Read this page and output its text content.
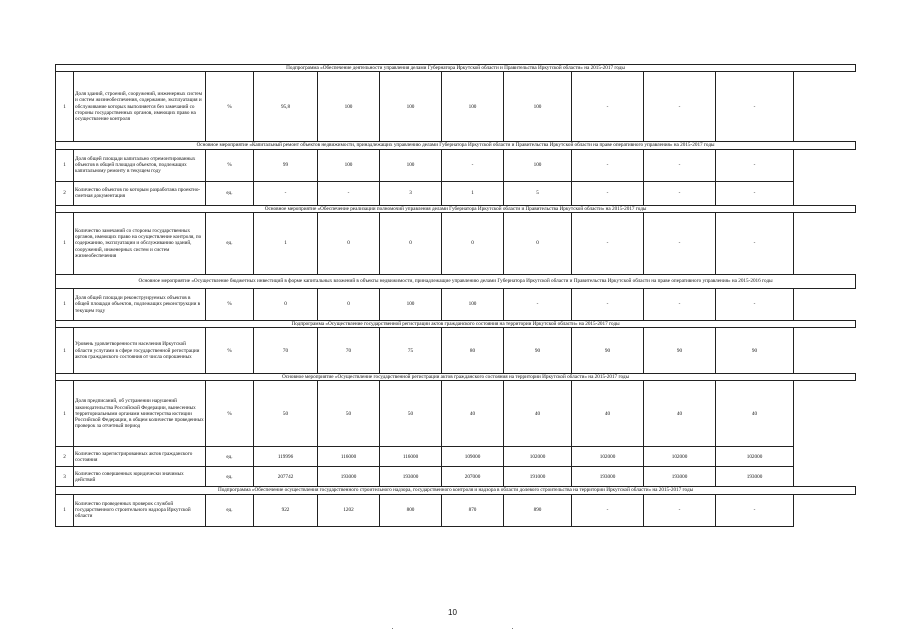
Подпрограмма «Обеспечение деятельности управления делами Губернатора Иркутской области и Правительства Иркутской области» на 2015-2017 годы										
1	Доля зданий, строений, сооружений, инженерных систем и систем жизнеобеспечения, содержание, эксплуатация и обслуживание которых выполняется без замечаний со стороны государственных органов, имеющих право на осуществление контроля	%	95,8	100	100	100	100	-	-	-
Основное мероприятие «Капитальный ремонт объектов недвижимости, принадлежащих управлению делами Губернатора Иркутской области и Правительства Иркутской области на праве оперативного управления» на 2015-2017 годы										
1	Доля общей площади капитально отремонтированных объектов в общей площади объектов, подлежащих капитальному ремонту в текущем году	%	99	100	100	-	100	-	-	-
2	Количество объектов по которым разработана проектно-сметная документация	ед.	-	-	3	1	5	-	-	-
Основное мероприятие «Обеспечение реализации полномочий управления делами Губернатора Иркутской области и Правительства Иркутской области» на 2015-2017 годы										
1	Количество замечаний со стороны государственных органов, имеющих право на осуществление контроля, по содержанию, эксплуатации и обслуживанию зданий, сооружений, инженерных систем и систем жизнеобеспечения	ед.	1	0	0	0	0	-	-	-
Основное мероприятие «Осуществление бюджетных инвестиций в форме капитальных вложений в объекты недвижимости, принадлежащие управлению делами Губернатора Иркутской области и Правительства Иркутской области на праве оперативного управления» на 2015-2016 годы										
1	Доля общей площади реконструируемых объектов в общей площади объектов, подлежащих реконструкции в текущем году	%	0	0	100	100	-	-	-	-
Подпрограмма «Осуществление государственной регистрации актов гражданского состояния на территории Иркутской области» на 2015-2017 годы										
1	Уровень удовлетворенности населения Иркутской области услугами в сфере государственной регистрации актов гражданского состояния от числа опрошенных	%	70	70	75	80	90	90	90	90
Основное мероприятие «Осуществление государственной регистрации актов гражданского состояния на территории Иркутской области» на 2015-2017 годы										
1	Доля предписаний, об устранении нарушений законодательства Российской Федерации, вынесенных территориальными органами министерства юстиции Российской Федерации, в общем количестве проведенных проверок за отчетный период	%	50	50	50	40	40	40	40	40
2	Количество зарегистрированных актов гражданского состояния	ед.	119996	116000	116000	109000	102000	102000	102000	102000
3	Количество совершенных юридически значимых действий	ед.	207742	193000	193000	207000	191000	193000	193000	193000
Подпрограмма «Обеспечение осуществления государственного строительного надзора, государственного контроля и надзора в области долевого строительства на территории Иркутской области» на 2015-2017 годы										
1	Количество проведенных проверок службой государственного строительного надзора Иркутской области	ед.	922	1202	800	870	890	-	-	-
10
